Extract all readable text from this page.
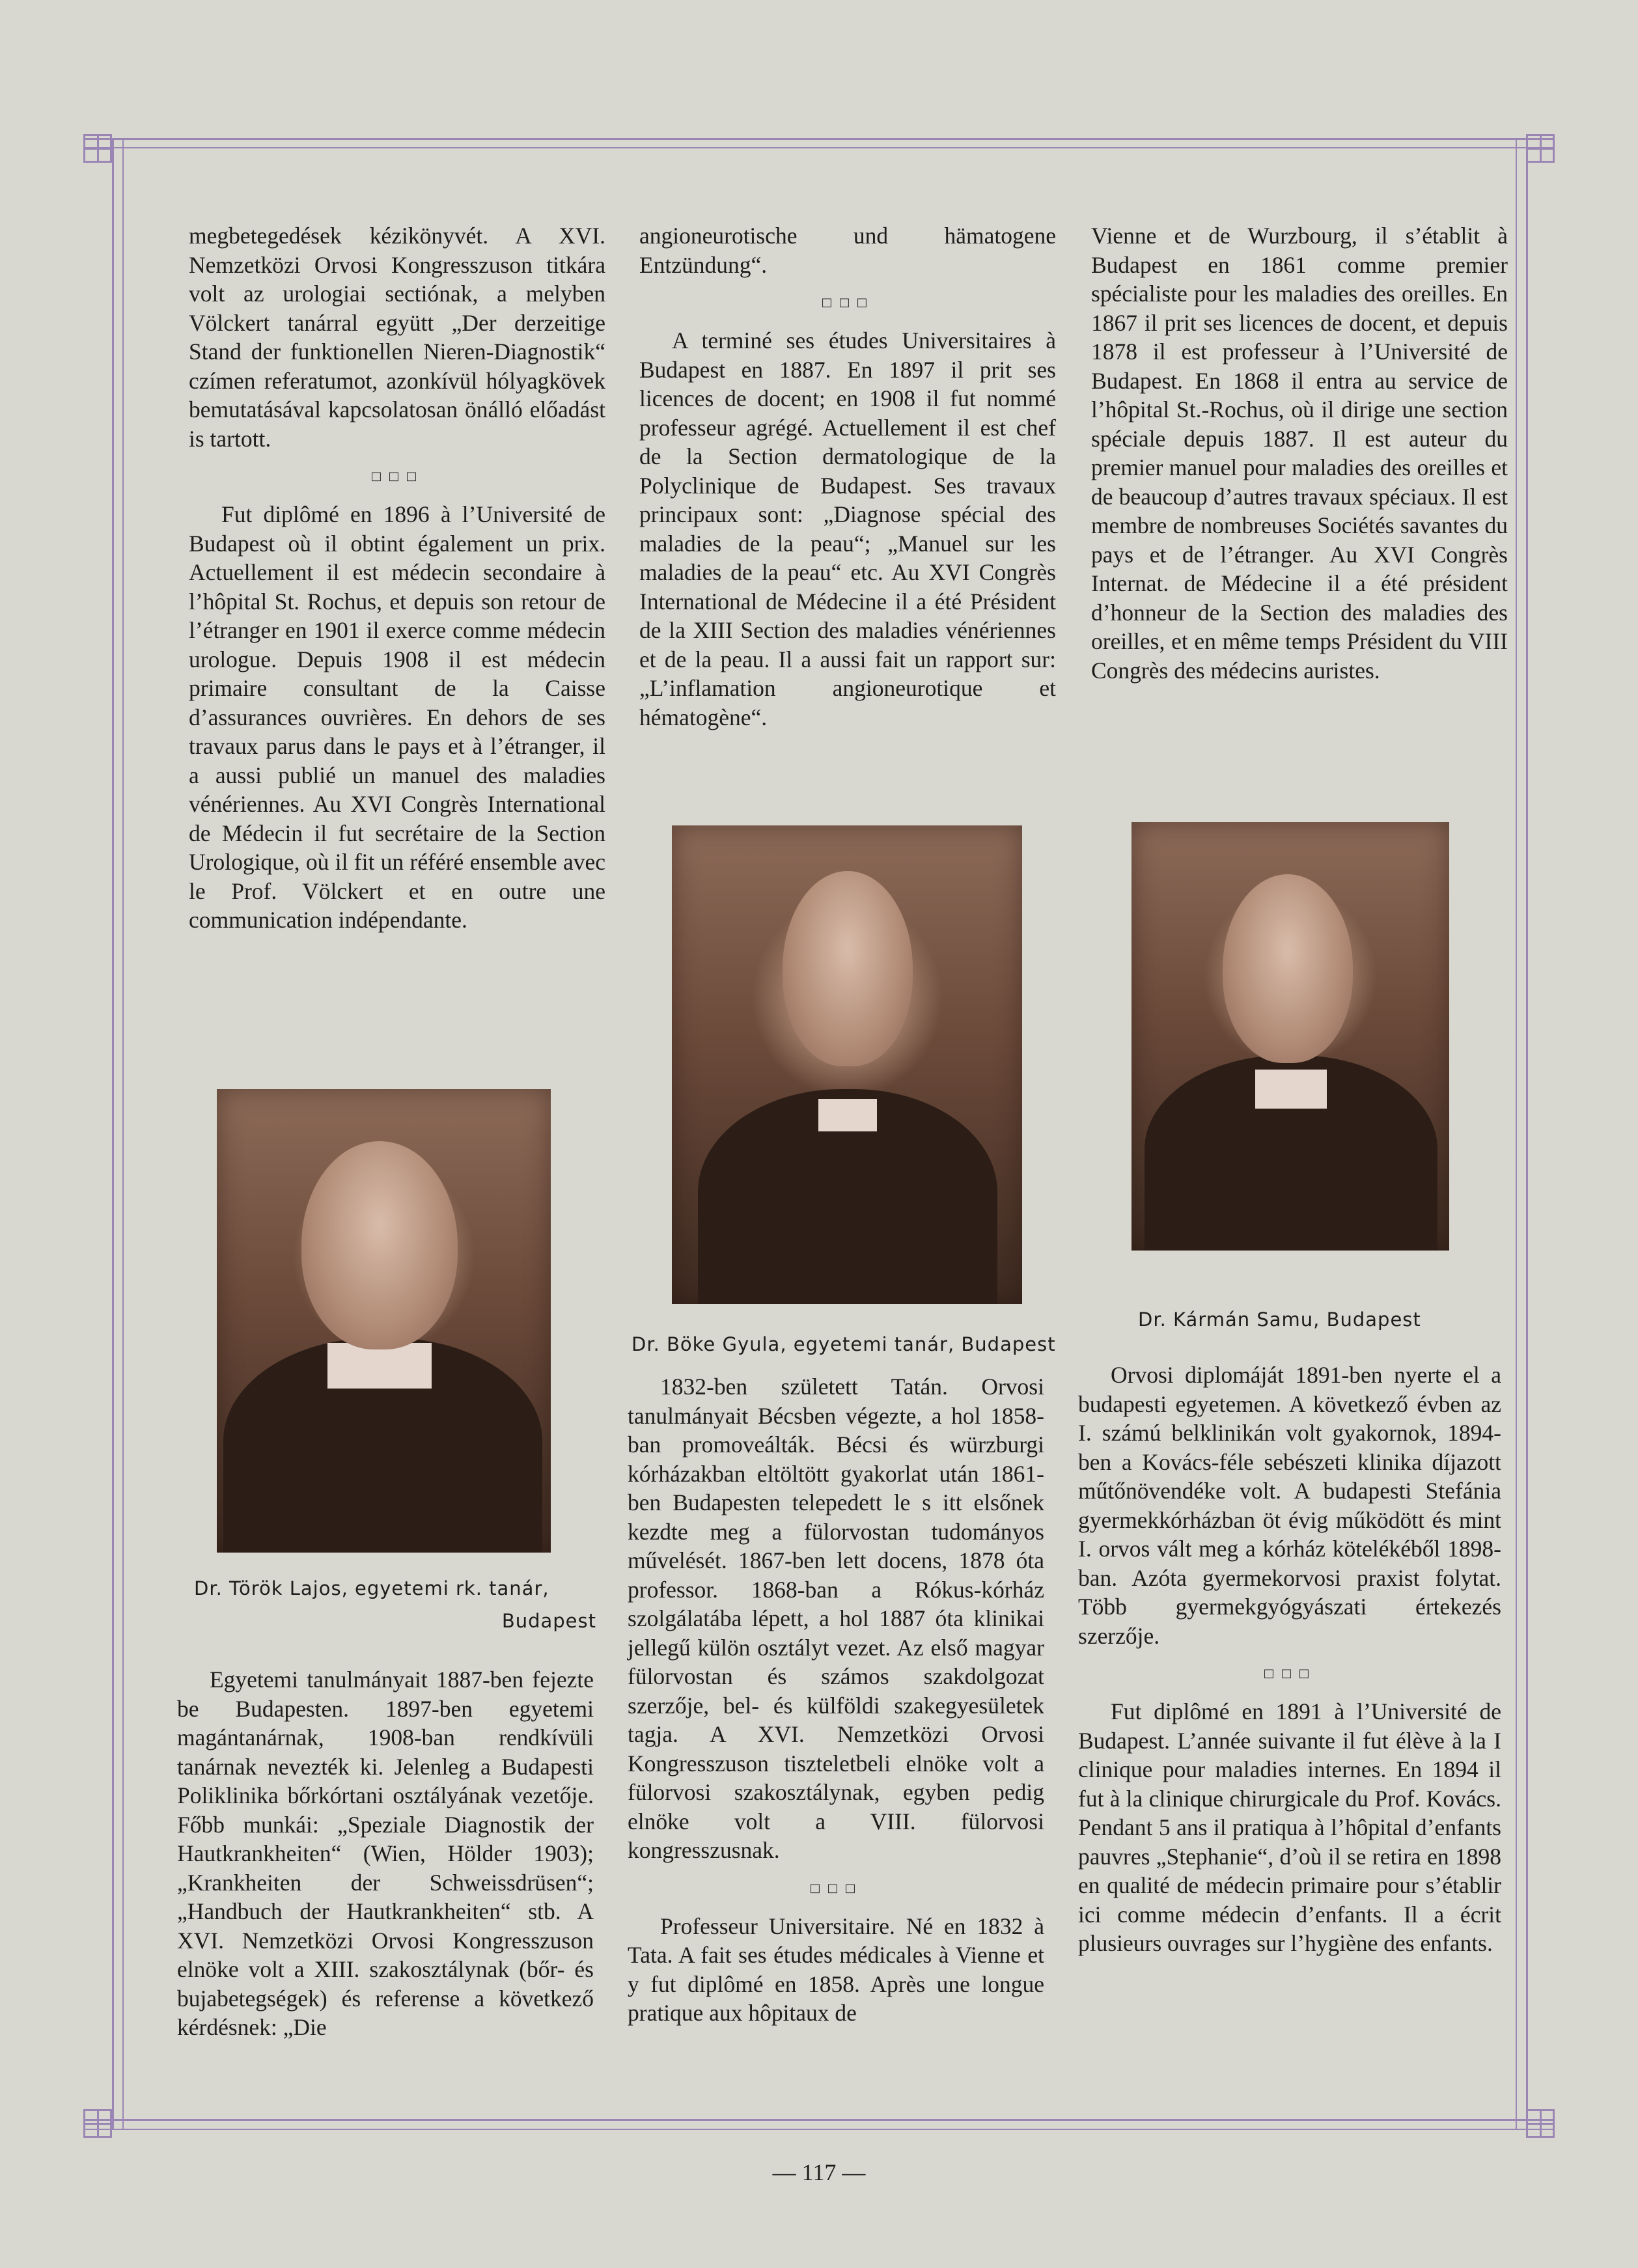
megbetegedések kézikönyvét. A XVI. Nemzetközi Orvosi Kongresszuson titkára volt az urologiai sectiónak, a melyben Völckert tanárral együtt „Der derzeitige Stand der funktionellen Nieren-Diagnostik“ czímen referatumot, azonkívül hólyagkövek bemutatásával kapcsolatosan önálló előadást is tartott.

□□□

Fut diplômé en 1896 à l’Université de Budapest où il obtint également un prix. Actuellement il est médecin secondaire à l’hôpital St. Rochus, et depuis son retour de l’étranger en 1901 il exerce comme médecin urologue. Depuis 1908 il est médecin primaire consultant de la Caisse d’assurances ouvrières. En dehors de ses travaux parus dans le pays et à l’étranger, il a aussi publié un manuel des maladies vénériennes. Au XVI Congrès International de Médecin il fut secrétaire de la Section Urologique, où il fit un référé ensemble avec le Prof. Völckert et en outre une communication indépendante.

angioneurotische und hämatogene Entzündung“.

□□□

A terminé ses études Universitaires à Budapest en 1887. En 1897 il prit ses licences de docent; en 1908 il fut nommé professeur agrégé. Actuellement il est chef de la Section dermatologique de la Polyclinique de Budapest. Ses travaux principaux sont: „Diagnose spécial des maladies de la peau“; „Manuel sur les maladies de la peau“ etc. Au XVI Congrès International de Médecine il a été Président de la XIII Section des maladies vénériennes et de la peau. Il a aussi fait un rapport sur: „L’inflamation angioneurotique et hématogène“.

Vienne et de Wurzbourg, il s’établit à Budapest en 1861 comme premier spécialiste pour les maladies des oreilles. En 1867 il prit ses licences de docent, et depuis 1878 il est professeur à l’Université de Budapest. En 1868 il entra au service de l’hôpital St.-Rochus, où il dirige une section spéciale depuis 1887. Il est auteur du premier manuel pour maladies des oreilles et de beaucoup d’autres travaux spéciaux. Il est membre de nombreuses Sociétés savantes du pays et de l’étranger. Au XVI Congrès Internat. de Médecine il a été président d’honneur de la Section des maladies des oreilles, et en même temps Président du VIII Congrès des médecins auristes.

Dr. Böke Gyula, egyetemi tanár, Budapest
Dr. Kármán Samu, Budapest
Dr. Török Lajos, egyetemi rk. tanár,
Budapest

Egyetemi tanulmányait 1887-ben fejezte be Budapesten. 1897-ben egyetemi magántanárnak, 1908-ban rendkívüli tanárnak nevezték ki. Jelenleg a Budapesti Poliklinika bőrkórtani osztályának vezetője. Főbb munkái: „Speziale Diagnostik der Hautkrankheiten“ (Wien, Hölder 1903); „Krankheiten der Schweissdrüsen“; „Handbuch der Hautkrankheiten“ stb. A XVI. Nemzetközi Orvosi Kongresszuson elnöke volt a XIII. szakosztálynak (bőr- és bujabetegségek) és referense a következő kérdésnek: „Die

1832-ben született Tatán. Orvosi tanulmányait Bécsben végezte, a hol 1858-ban promoveálták. Bécsi és würzburgi kórházakban eltöltött gyakorlat után 1861-ben Budapesten telepedett le s itt elsőnek kezdte meg a fülorvostan tudományos művelését. 1867-ben lett docens, 1878 óta professor. 1868-ban a Rókus-kórház szolgálatába lépett, a hol 1887 óta klinikai jellegű külön osztályt vezet. Az első magyar fülorvostan és számos szakdolgozat szerzője, bel- és külföldi szakegyesületek tagja. A XVI. Nemzetközi Orvosi Kongresszuson tiszteletbeli elnöke volt a fülorvosi szakosztálynak, egyben pedig elnöke volt a VIII. fülorvosi kongresszusnak.

□□□

Professeur Universitaire. Né en 1832 à Tata. A fait ses études médicales à Vienne et y fut diplômé en 1858. Après une longue pratique aux hôpitaux de

Orvosi diplomáját 1891-ben nyerte el a budapesti egyetemen. A következő évben az I. számú belklinikán volt gyakornok, 1894-ben a Kovács-féle sebészeti klinika díjazott műtőnövendéke volt. A budapesti Stefánia gyermekkórházban öt évig működött és mint I. orvos vált meg a kórház kötelékéből 1898-ban. Azóta gyermekorvosi praxist folytat. Több gyermekgyógyászati értekezés szerzője.

□□□

Fut diplômé en 1891 à l’Université de Budapest. L’année suivante il fut élève à la I clinique pour maladies internes. En 1894 il fut à la clinique chirurgicale du Prof. Kovács. Pendant 5 ans il pratiqua à l’hôpital d’enfants pauvres „Stephanie“, d’où il se retira en 1898 en qualité de médecin primaire pour s’établir ici comme médecin d’enfants. Il a écrit plusieurs ouvrages sur l’hygiène des enfants.

— 117 —
